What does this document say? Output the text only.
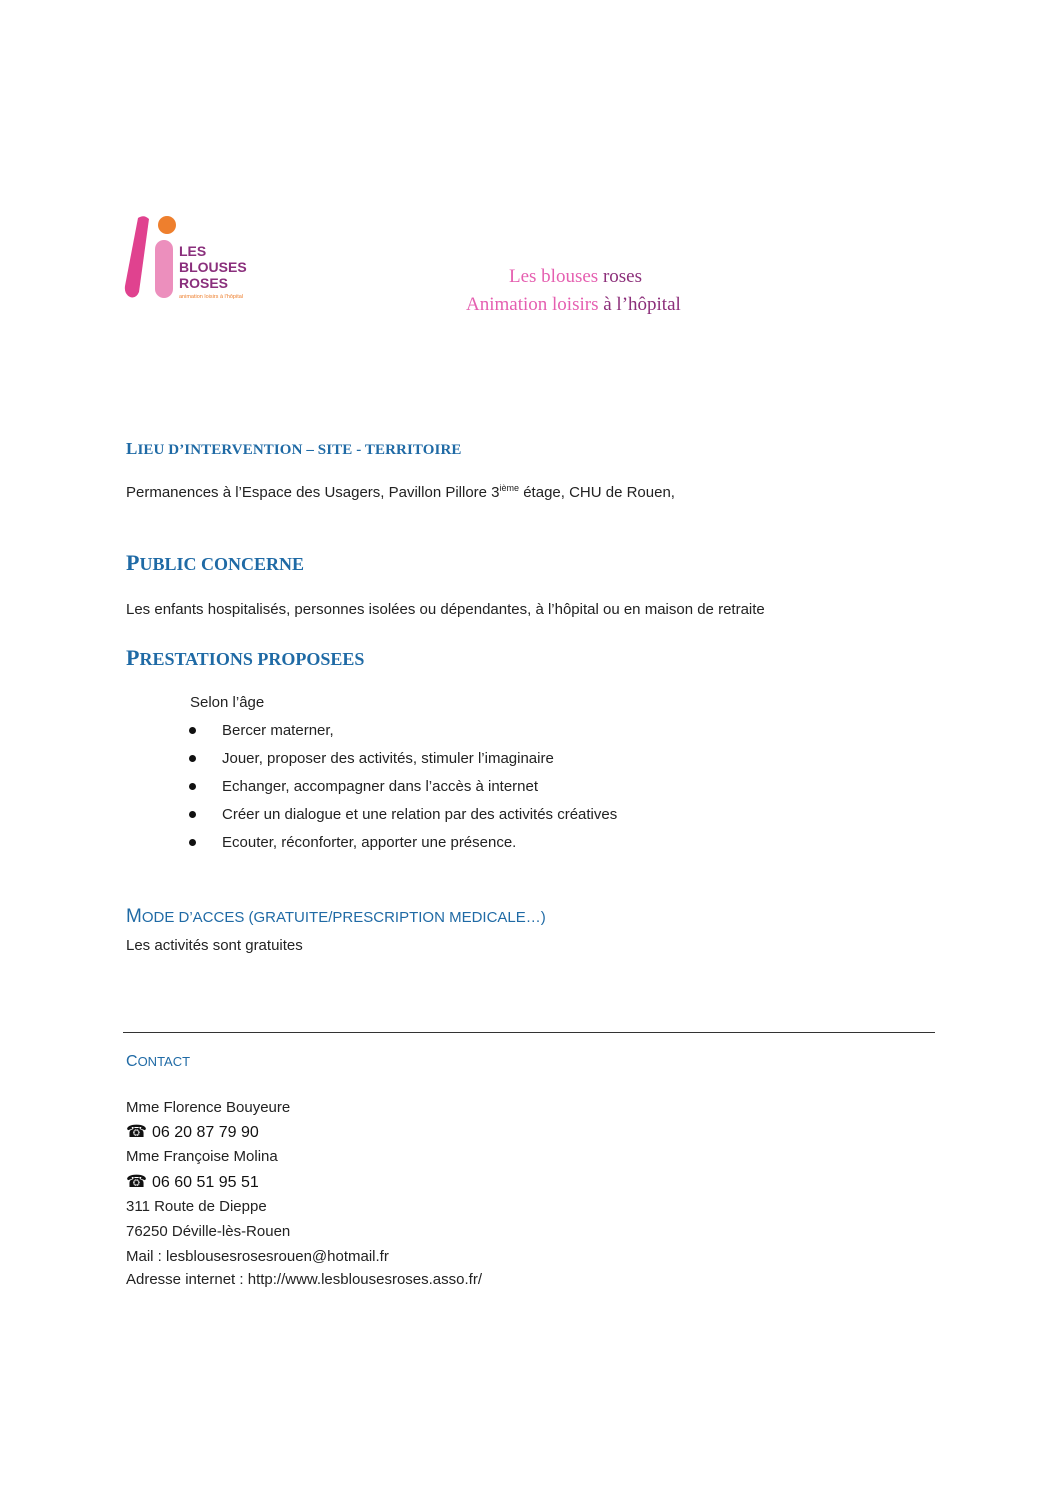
LES
BLOUSES
ROSES
animation loisirs à l'hôpital
Les blouses roses
Animation loisirs à l’hôpital
LIEU D’INTERVENTION – SITE - TERRITOIRE
Permanences à l’Espace des Usagers, Pavillon Pillore 3ième étage, CHU de Rouen,
PUBLIC CONCERNE
Les enfants hospitalisés, personnes isolées ou dépendantes, à l’hôpital ou en maison de retraite
PRESTATIONS PROPOSEES
Selon l’âge
Bercer materner,
Jouer, proposer des activités, stimuler l’imaginaire
Echanger, accompagner dans l’accès à internet
Créer un dialogue et une relation par des activités créatives
Ecouter, réconforter, apporter une présence.
MODE D’ACCES (GRATUITE/PRESCRIPTION MEDICALE…)
Les activités sont gratuites
CONTACT
Mme Florence Bouyeure
☎ 06 20 87 79 90
Mme Françoise Molina
☎ 06 60 51 95 51
311 Route de Dieppe
76250 Déville-lès-Rouen
Mail : lesblousesrosesrouen@hotmail.fr
Adresse internet : http://www.lesblousesroses.asso.fr/
